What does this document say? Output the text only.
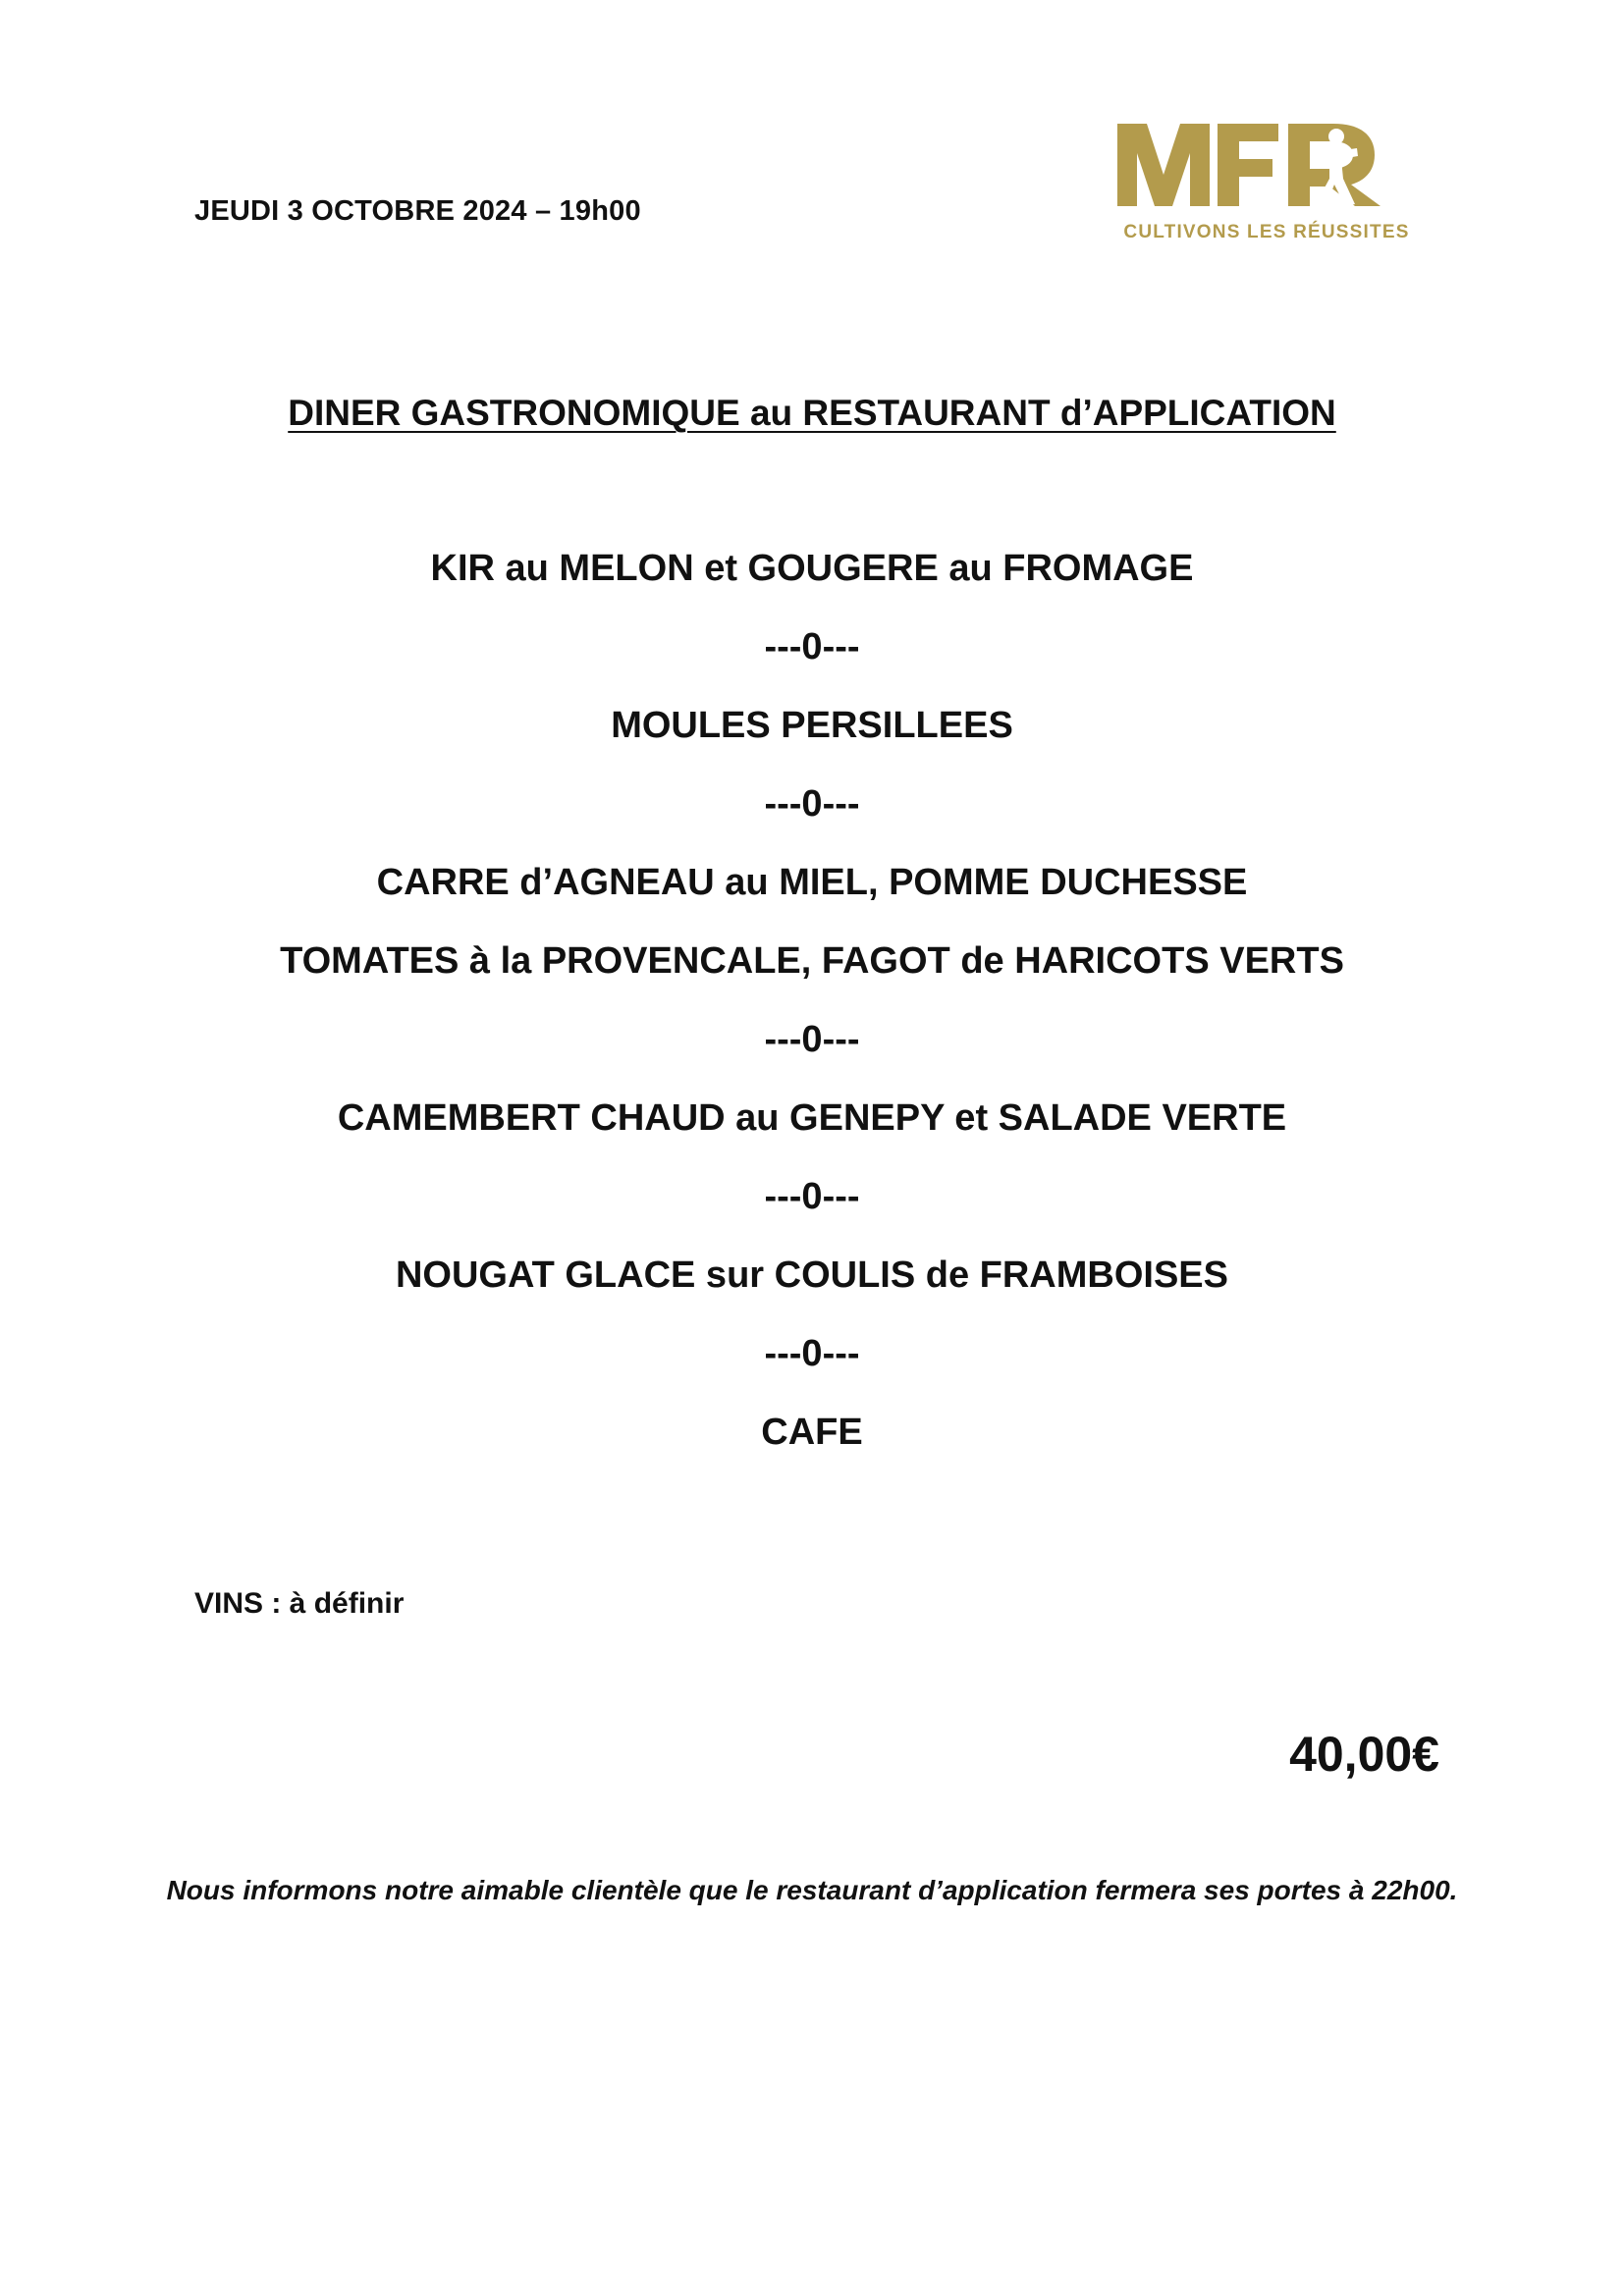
JEUDI 3 OCTOBRE 2024 – 19h00
CULTIVONS LES RÉUSSITES
DINER GASTRONOMIQUE au RESTAURANT d’APPLICATION
KIR au MELON et GOUGERE au FROMAGE
---0---
MOULES PERSILLEES
---0---
CARRE d’AGNEAU au MIEL, POMME DUCHESSE
TOMATES à la PROVENCALE, FAGOT de HARICOTS VERTS
---0---
CAMEMBERT CHAUD au GENEPY et SALADE VERTE
---0---
NOUGAT GLACE sur COULIS de FRAMBOISES
---0---
CAFE
VINS : à définir
40,00€
Nous informons notre aimable clientèle que le restaurant d’application fermera ses portes à 22h00.
